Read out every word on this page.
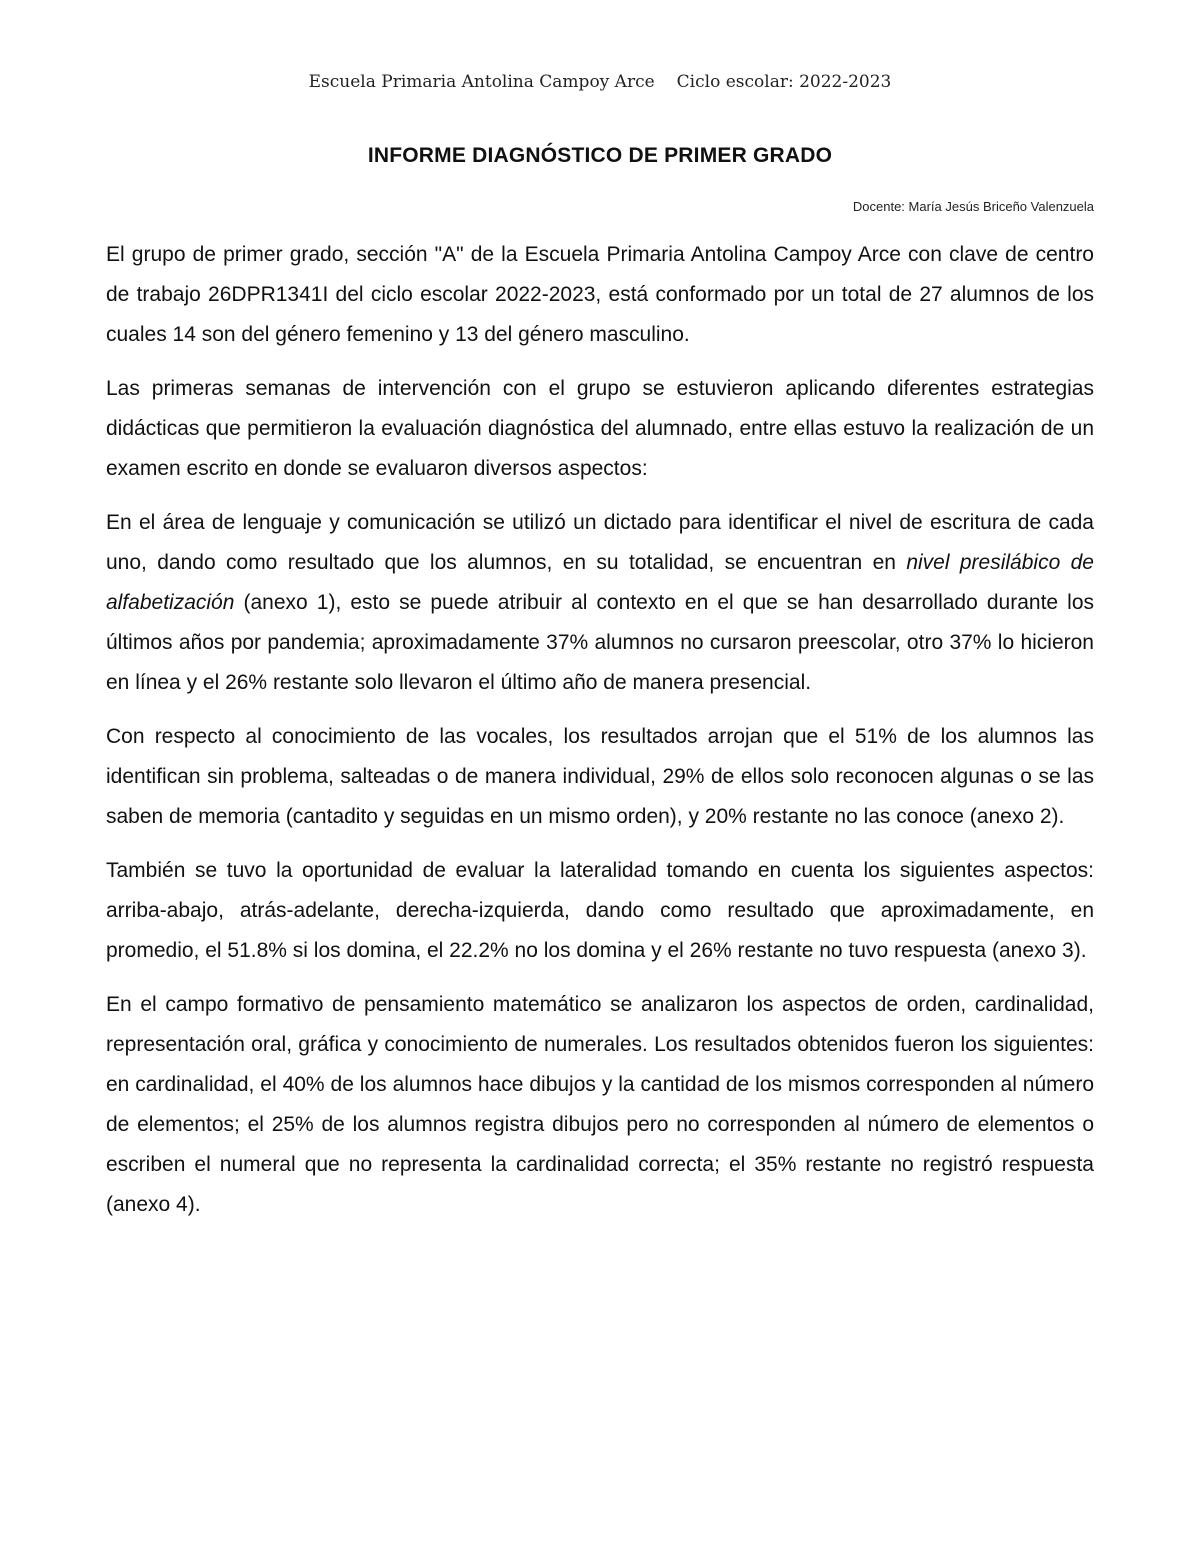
Escuela Primaria Antolina Campoy Arce Ciclo escolar: 2022-2023
INFORME DIAGNÓSTICO DE PRIMER GRADO
Docente: María Jesús Briceño Valenzuela

El grupo de primer grado, sección "A" de la Escuela Primaria Antolina Campoy Arce con clave de centro de trabajo 26DPR1341I del ciclo escolar 2022-2023, está conformado por un total de 27 alumnos de los cuales 14 son del género femenino y 13 del género masculino.

Las primeras semanas de intervención con el grupo se estuvieron aplicando diferentes estrategias didácticas que permitieron la evaluación diagnóstica del alumnado, entre ellas estuvo la realización de un examen escrito en donde se evaluaron diversos aspectos:

En el área de lenguaje y comunicación se utilizó un dictado para identificar el nivel de escritura de cada uno, dando como resultado que los alumnos, en su totalidad, se encuentran en nivel presilábico de alfabetización (anexo 1), esto se puede atribuir al contexto en el que se han desarrollado durante los últimos años por pandemia; aproximadamente 37% alumnos no cursaron preescolar, otro 37% lo hicieron en línea y el 26% restante solo llevaron el último año de manera presencial.

Con respecto al conocimiento de las vocales, los resultados arrojan que el 51% de los alumnos las identifican sin problema, salteadas o de manera individual, 29% de ellos solo reconocen algunas o se las saben de memoria (cantadito y seguidas en un mismo orden), y 20% restante no las conoce (anexo 2).

También se tuvo la oportunidad de evaluar la lateralidad tomando en cuenta los siguientes aspectos: arriba-abajo, atrás-adelante, derecha-izquierda, dando como resultado que aproximadamente, en promedio, el 51.8% si los domina, el 22.2% no los domina y el 26% restante no tuvo respuesta (anexo 3).

En el campo formativo de pensamiento matemático se analizaron los aspectos de orden, cardinalidad, representación oral, gráfica y conocimiento de numerales. Los resultados obtenidos fueron los siguientes: en cardinalidad, el 40% de los alumnos hace dibujos y la cantidad de los mismos corresponden al número de elementos; el 25% de los alumnos registra dibujos pero no corresponden al número de elementos o escriben el numeral que no representa la cardinalidad correcta; el 35% restante no registró respuesta (anexo 4).
